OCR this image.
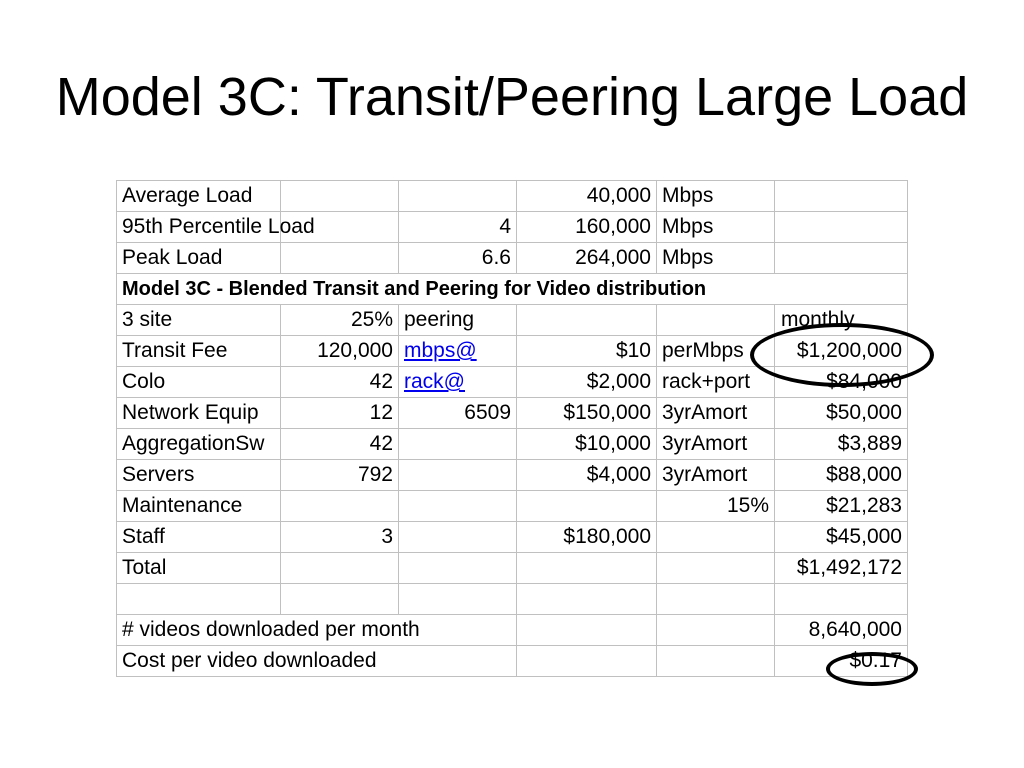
Model 3C: Transit/Peering Large Load
Average Load			40,000	Mbps	
95th Percentile Load		4	160,000	Mbps	
Peak Load		6.6	264,000	Mbps	
Model 3C - Blended Transit and Peering for Video distribution					
3 site	25%	peering			monthly
Transit Fee	120,000	mbps@	$10	perMbps	$1,200,000
Colo	42	rack@	$2,000	rack+port	$84,000
Network Equip	12	6509	$150,000	3yrAmort	$50,000
AggregationSw	42		$10,000	3yrAmort	$3,889
Servers	792		$4,000	3yrAmort	$88,000
Maintenance				15%	$21,283
Staff	3		$180,000		$45,000
Total					$1,492,172

# videos downloaded per month					8,640,000
Cost per video downloaded					$0.17
